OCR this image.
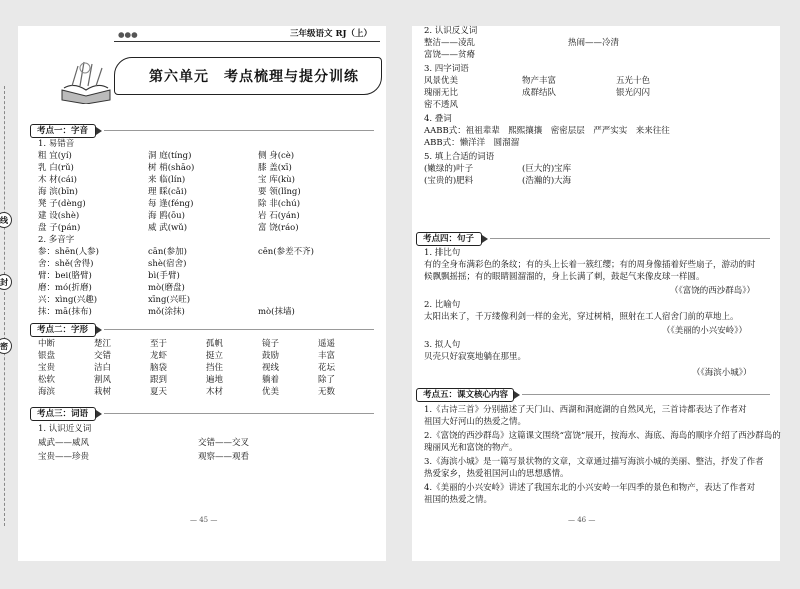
线
封
密
●●●	三年级语文 RJ（上）
第六单元　考点梳理与提分训练
考点一：字音
1. 易错音
粗 宜(yí)	洞 庭(tíng)	侧 身(cè)
乳 白(rǔ)	树 梢(shāo)	膝 盖(xī)
木 材(cái)	来 临(lín)	宝 库(kù)
海 滨(bīn)	理 睬(cǎi)	要 领(lǐng)
凳 子(dèng)	每 逢(féng)	除 非(chú)
建 设(shè)	海 鸥(ōu)	岩 石(yán)
盘 子(pán)	威 武(wǔ)	富 饶(ráo)
2. 多音字
参：shēn(人参)	cān(参加)	cēn(参差不齐)
舍：shě(舍得)	shè(宿舍)
臂：bei(胳臂)	bì(手臂)
磨：mó(折磨)	mò(磨盘)
兴：xìng(兴趣)	xīng(兴旺)
抹：mā(抹布)	mǒ(涂抹)	mò(抹墙)
考点二：字形
中断	楚江	至于	孤帆	镜子	遥遥
银盘	交错	龙虾	挺立	鼓励	丰富
宝贵	洁白	脑袋	挡住	视线	花坛
松软	割风	跟到	遍地	躺着	除了
海滨	栽树	夏天	木材	优美	无数
考点三：词语
1. 认识近义词
威武——威风	交错——交叉
宝贵——珍贵	观察——观看
— 45 —
2. 认识反义词
整洁——凌乱	热闹——冷清
富饶——贫瘠
3. 四字词语
风景优美	物产丰富	五光十色
瑰丽无比	成群结队	银光闪闪
密不透风
4. 叠词
AABB式：祖祖辈辈　熙熙攘攘　密密层层　严严实实　来来往往
ABB式：懒洋洋　圆溜溜
5. 填上合适的词语
(嫩绿的)叶子	(巨大的)宝库
(宝贵的)肥料	(浩瀚的)大海
考点四：句子
1. 排比句
有的全身布满彩色的条纹；有的头上长着一簇红缨；有的周身像插着好些扇子，游动的时
候飘飘摇摇；有的眼睛圆溜溜的，身上长满了刺，鼓起气来像皮球一样圆。
（《富饶的西沙群岛》）
2. 比喻句
太阳出来了，千万缕像利剑一样的金光，穿过树梢，照射在工人宿舍门前的草地上。
（《美丽的小兴安岭》）
3. 拟人句
贝壳只好寂寞地躺在那里。
（《海滨小城》）
考点五：课文核心内容
1.《古诗三首》分别描述了天门山、西湖和洞庭湖的自然风光，三首诗都表达了作者对
祖国大好河山的热爱之情。
2.《富饶的西沙群岛》这篇课文围绕“富饶”展开，按海水、海底、海岛的顺序介绍了西沙群岛的
瑰丽风光和富饶的物产。
3.《海滨小城》是一篇写景状物的文章，文章通过描写海滨小城的美丽、整洁，抒发了作者
热爱家乡，热爱祖国河山的思想感情。
4.《美丽的小兴安岭》讲述了我国东北的小兴安岭一年四季的景色和物产，表达了作者对
祖国的热爱之情。
— 46 —
